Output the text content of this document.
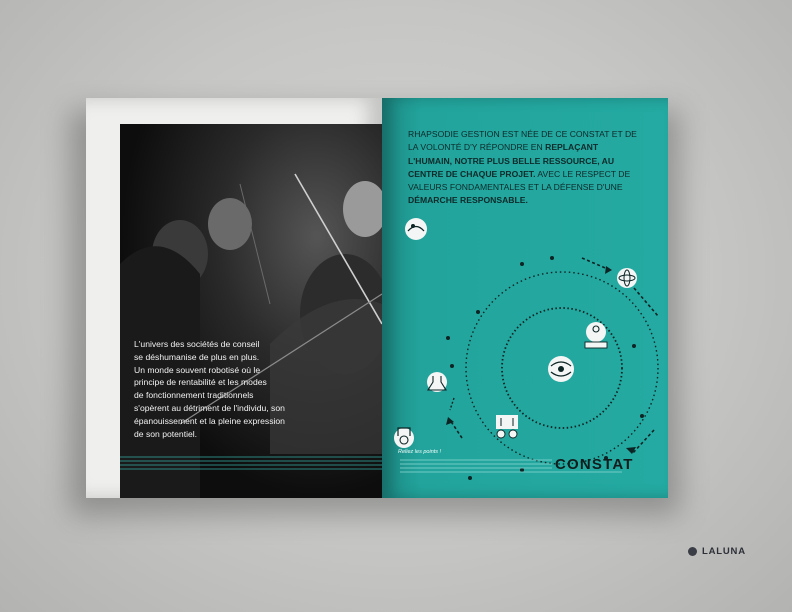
L'univers des sociétés de conseil
se déshumanise de plus en plus.
Un monde souvent robotisé où le
principe de rentabilité et les modes
de fonctionnement traditionnels
s'opèrent au détriment de l'individu, son
épanouissement et la pleine expression
de son potentiel.
RHAPSODIE GESTION EST NÉE DE CE CONSTAT ET DE LA VOLONTÉ D'Y RÉPONDRE EN REPLAÇANT L'HUMAIN, NOTRE PLUS BELLE RESSOURCE, AU CENTRE DE CHAQUE PROJET. AVEC LE RESPECT DE VALEURS FONDAMENTALES ET LA DÉFENSE D'UNE DÉMARCHE RESPONSABLE.
Reliez les points !
CONSTAT
LALUNA
